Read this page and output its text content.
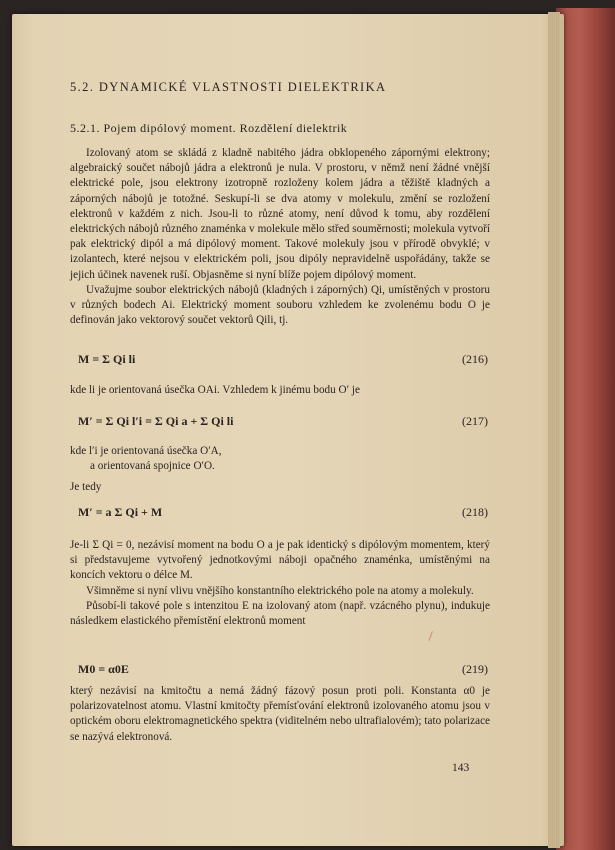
5.2. DYNAMICKÉ VLASTNOSTI DIELEKTRIKA
5.2.1. Pojem dipólový moment. Rozdělení dielektrik

Izolovaný atom se skládá z kladně nabitého jádra obklopeného zápornými elektrony; algebraický součet nábojů jádra a elektronů je nula. V prostoru, v němž není žádné vnější elektrické pole, jsou elektrony izotropně rozloženy kolem jádra a těžiště kladných a záporných nábojů je totožné. Seskupí-li se dva atomy v molekulu, změní se rozložení elektronů v každém z nich. Jsou-li to různé atomy, není důvod k tomu, aby rozdělení elektrických nábojů různého znaménka v molekule mělo střed souměrnosti; molekula vytvoří pak elektrický dipól a má dipólový moment. Takové molekuly jsou v přírodě obvyklé; v izolantech, které nejsou v elektrickém poli, jsou dipóly nepravidelně uspořádány, takže se jejich účinek navenek ruší. Objasněme si nyní blíže pojem dipólový moment.

Uvažujme soubor elektrických nábojů (kladných i záporných) Qi, umístěných v prostoru v různých bodech Ai. Elektrický moment souboru vzhledem ke zvolenému bodu O je definován jako vektorový součet vektorů Qili, tj.

M = Σ Qi li	(216)
kde li je orientovaná úsečka OAi. Vzhledem k jinému bodu O′ je
M′ = Σ Qi l′i = Σ Qi a + Σ Qi li	(217)
kde l′i je orientovaná úsečka O′A,
a orientovaná spojnice O′O.
Je tedy
M′ = a Σ Qi + M	(218)

Je-li Σ Qi = 0, nezávisí moment na bodu O a je pak identický s dipólovým momentem, který si představujeme vytvořený jednotkovými náboji opačného znaménka, umístěnými na koncích vektoru o délce M.

Všimněme si nyní vlivu vnějšího konstantního elektrického pole na atomy a molekuly.

Působí-li takové pole s intenzitou E na izolovaný atom (např. vzácného plynu), indukuje následkem elastického přemístění elektronů moment

M0 = α0E	(219)

který nezávisí na kmitočtu a nemá žádný fázový posun proti poli. Konstanta α0 je polarizovatelnost atomu. Vlastní kmitočty přemísťování elektronů izolovaného atomu jsou v optickém oboru elektromagnetického spektra (viditelném nebo ultrafialovém); tato polarizace se nazývá elektronová.

143
